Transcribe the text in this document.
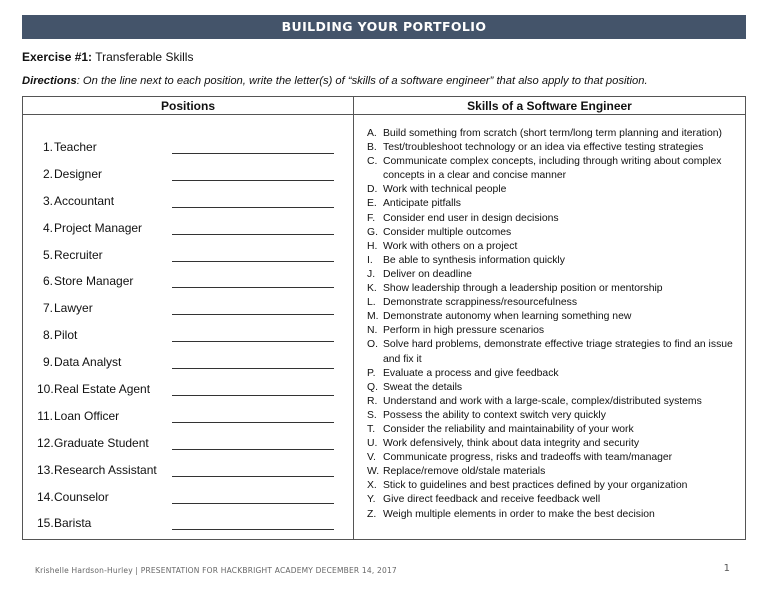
BUILDING YOUR PORTFOLIO
Exercise #1: Transferable Skills
Directions: On the line next to each position, write the letter(s) of “skills of a software engineer” that also apply to that position.
Positions	Skills of a Software Engineer
1. Teacher
2. Designer
3. Accountant
4. Project Manager
5. Recruiter
6. Store Manager
7. Lawyer
8. Pilot
9. Data Analyst
10. Real Estate Agent
11. Loan Officer
12. Graduate Student
13. Research Assistant
14. Counselor
15. Barista
A. Build something from scratch (short term/long term planning and iteration)
B. Test/troubleshoot technology or an idea via effective testing strategies
C. Communicate complex concepts, including through writing about complex concepts in a clear and concise manner
D. Work with technical people
E. Anticipate pitfalls
F. Consider end user in design decisions
G. Consider multiple outcomes
H. Work with others on a project
I. Be able to synthesis information quickly
J. Deliver on deadline
K. Show leadership through a leadership position or mentorship
L. Demonstrate scrappiness/resourcefulness
M. Demonstrate autonomy when learning something new
N. Perform in high pressure scenarios
O. Solve hard problems, demonstrate effective triage strategies to find an issue and fix it
P. Evaluate a process and give feedback
Q. Sweat the details
R. Understand and work with a large-scale, complex/distributed systems
S. Possess the ability to context switch very quickly
T. Consider the reliability and maintainability of your work
U. Work defensively, think about data integrity and security
V. Communicate progress, risks and tradeoffs with team/manager
W. Replace/remove old/stale materials
X. Stick to guidelines and best practices defined by your organization
Y. Give direct feedback and receive feedback well
Z. Weigh multiple elements in order to make the best decision
Krishelle Hardson-Hurley | PRESENTATION FOR HACKBRIGHT ACADEMY DECEMBER 14, 2017	1
